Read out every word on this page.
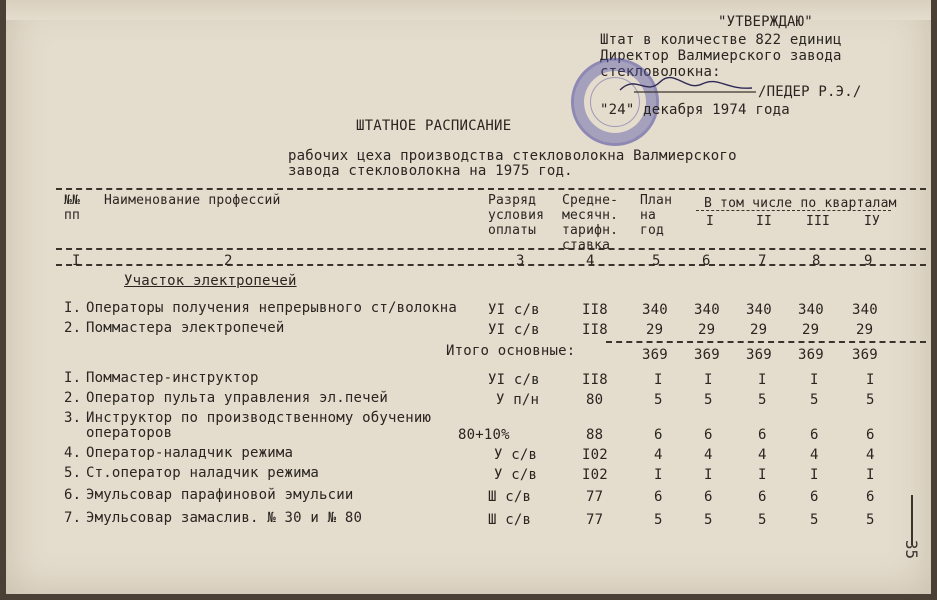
"УТВЕРЖДАЮ"
Штат в количестве 822 единиц
Директор Валмиерского завода
стекловолокна:
/ПЕДЕР Р.Э./
"24" декабря 1974 года
ШТАТНОЕ РАСПИСАНИЕ
рабочих цеха производства стекловолокна Валмиерского
завода стекловолокна на 1975 год.
№№
пп
Наименование профессий	Разряд
условия
оплаты
Средне-
месячн.
тарифн.
ставка
План
на
год
В том числе по кварталам
I	II	III	IУ
I	2	3	4	5	6	7	8	9
Участок электропечей
I. Операторы получения непрерывного ст/волокна УI с/в	II8 340 340 340 340 340
2. Поммастера электропечей	УI с/в	II8	29 29 29 29	29
Итого основные:	369 369 369 369 369
I. Поммастер-инструктор	УI с/в	II8	I	I	I	I	I
2. Оператор пульта управления эл.печей	У п/н	80	5	5	5	5	5
3. Инструктор по производственному обучению
операторов	80+10%	88	6	6	6	6	6
4. Оператор-наладчик режима	У с/в	I02	4	4	4	4	4
5. Ст.оператор наладчик режима	У с/в	I02	I	I	I	I	I
6. Эмульсовар парафиновой эмульсии	Ш с/в	77	6	6	6	6	6
7. Эмульсовар замаслив. № 30 и № 80	Ш с/в	77	5	5	5	5	5
35
